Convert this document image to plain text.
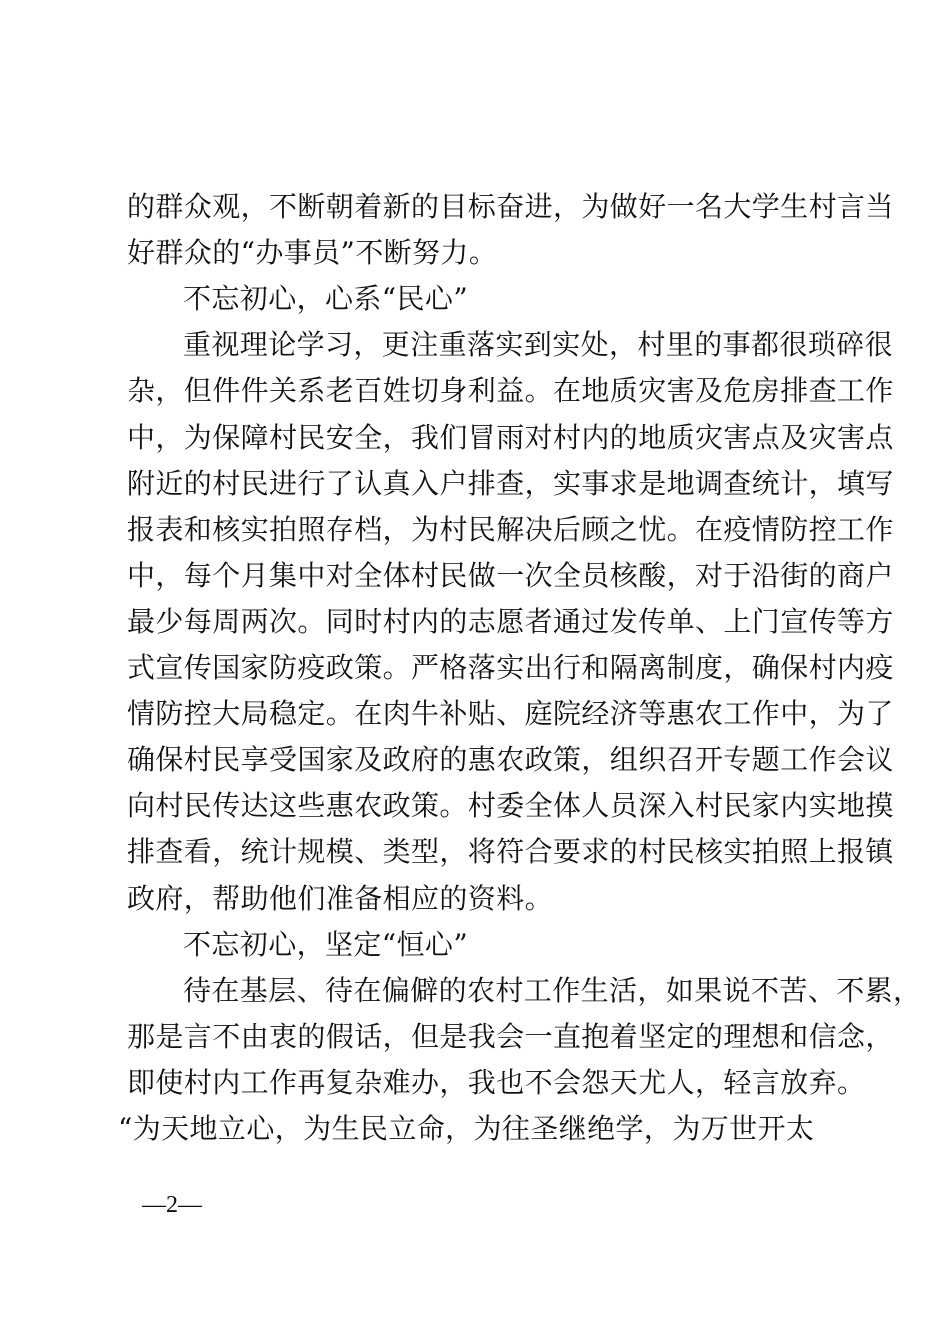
的群众观，不断朝着新的目标奋进，为做好一名大学生村言当
好群众的“办事员”不断努力。
不忘初心，心系“民心”
重视理论学习，更注重落实到实处，村里的事都很琐碎很
杂，但件件关系老百姓切身利益。在地质灾害及危房排查工作
中，为保障村民安全，我们冒雨对村内的地质灾害点及灾害点
附近的村民进行了认真入户排查，实事求是地调查统计，填写
报表和核实拍照存档，为村民解决后顾之忧。在疫情防控工作
中，每个月集中对全体村民做一次全员核酸，对于沿街的商户
最少每周两次。同时村内的志愿者通过发传单、上门宣传等方
式宣传国家防疫政策。严格落实出行和隔离制度，确保村内疫
情防控大局稳定。在肉牛补贴、庭院经济等惠农工作中，为了
确保村民享受国家及政府的惠农政策，组织召开专题工作会议
向村民传达这些惠农政策。村委全体人员深入村民家内实地摸
排查看，统计规模、类型，将符合要求的村民核实拍照上报镇
政府，帮助他们准备相应的资料。
不忘初心，坚定“恒心”
待在基层、待在偏僻的农村工作生活，如果说不苦、不累，
那是言不由衷的假话，但是我会一直抱着坚定的理想和信念，
即使村内工作再复杂难办，我也不会怨天尤人，轻言放弃。
“为天地立心，为生民立命，为往圣继绝学，为万世开太
—2—
